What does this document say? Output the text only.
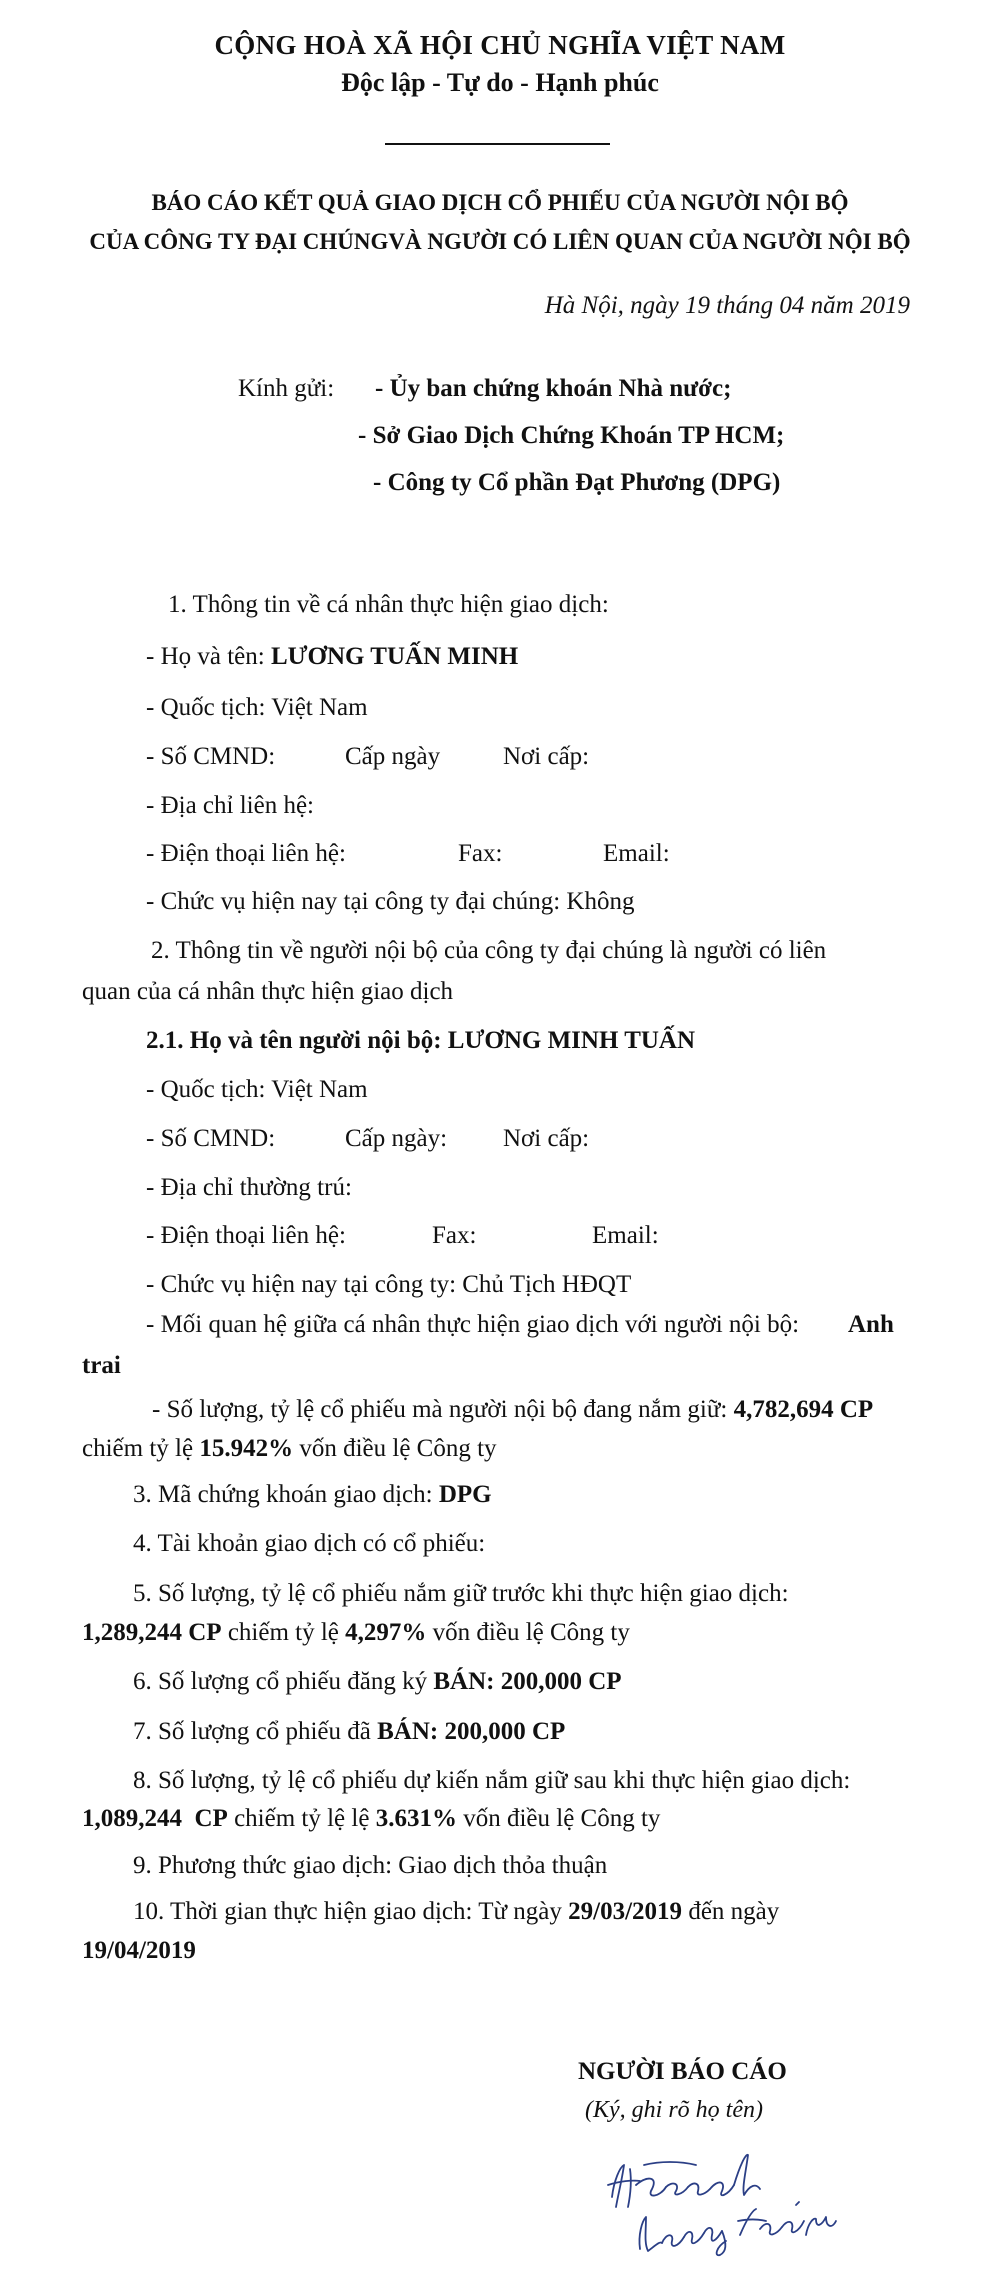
CỘNG HOÀ XÃ HỘI CHỦ NGHĨA VIỆT NAM
Độc lập - Tự do - Hạnh phúc
BÁO CÁO KẾT QUẢ GIAO DỊCH CỔ PHIẾU CỦA NGƯỜI NỘI BỘ
CỦA CÔNG TY ĐẠI CHÚNGVÀ NGƯỜI CÓ LIÊN QUAN CỦA NGƯỜI NỘI BỘ
Hà Nội, ngày 19 tháng 04 năm 2019
Kính gửi: - Ủy ban chứng khoán Nhà nước;
- Sở Giao Dịch Chứng Khoán TP HCM;
- Công ty Cổ phần Đạt Phương (DPG)
1. Thông tin về cá nhân thực hiện giao dịch:
- Họ và tên: LƯƠNG TUẤN MINH
- Quốc tịch: Việt Nam
- Số CMND:	Cấp ngày	Nơi cấp:
- Địa chỉ liên hệ:
- Điện thoại liên hệ:	Fax:	Email:
- Chức vụ hiện nay tại công ty đại chúng: Không
2. Thông tin về người nội bộ của công ty đại chúng là người có liên
quan của cá nhân thực hiện giao dịch
2.1. Họ và tên người nội bộ: LƯƠNG MINH TUẤN
- Quốc tịch: Việt Nam
- Số CMND:	Cấp ngày: Nơi cấp:
- Địa chỉ thường trú:
- Điện thoại liên hệ:	Fax:	Email:
- Chức vụ hiện nay tại công ty: Chủ Tịch HĐQT
- Mối quan hệ giữa cá nhân thực hiện giao dịch với người nội bộ: Anh
trai
- Số lượng, tỷ lệ cổ phiếu mà người nội bộ đang nắm giữ: 4,782,694 CP
chiếm tỷ lệ 15.942% vốn điều lệ Công ty
3. Mã chứng khoán giao dịch: DPG
4. Tài khoản giao dịch có cổ phiếu:
5. Số lượng, tỷ lệ cổ phiếu nắm giữ trước khi thực hiện giao dịch:
1,289,244 CP chiếm tỷ lệ 4,297% vốn điều lệ Công ty
6. Số lượng cổ phiếu đăng ký BÁN: 200,000 CP
7. Số lượng cổ phiếu đã BÁN: 200,000 CP
8. Số lượng, tỷ lệ cổ phiếu dự kiến nắm giữ sau khi thực hiện giao dịch:
1,089,244  CP chiếm tỷ lệ lệ 3.631% vốn điều lệ Công ty
9. Phương thức giao dịch: Giao dịch thỏa thuận
10. Thời gian thực hiện giao dịch: Từ ngày 29/03/2019 đến ngày
19/04/2019
NGƯỜI BÁO CÁO
(Ký, ghi rõ họ tên)
